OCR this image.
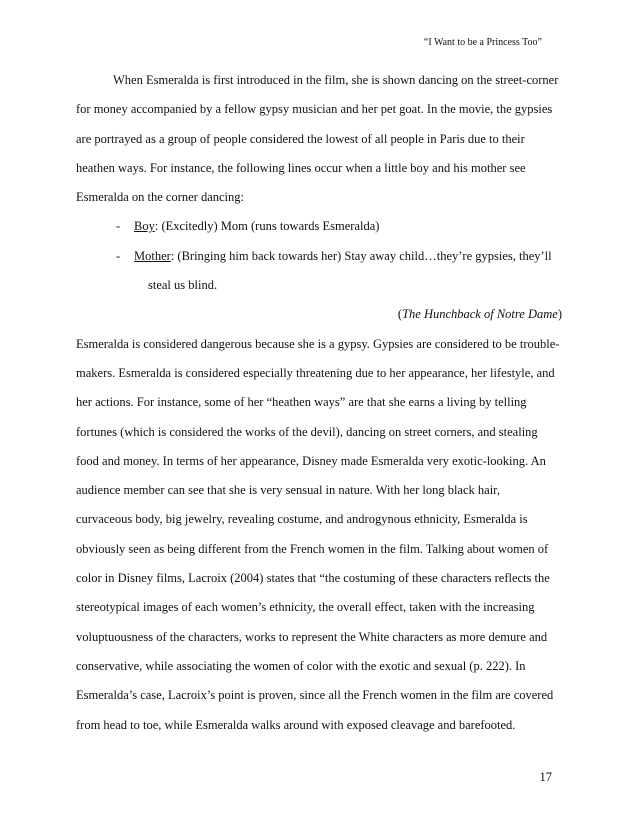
“I Want to be a Princess Too”
When Esmeralda is first introduced in the film, she is shown dancing on the street-corner
for money accompanied by a fellow gypsy musician and her pet goat. In the movie, the gypsies
are portrayed as a group of people considered the lowest of all people in Paris due to their
heathen ways. For instance, the following lines occur when a little boy and his mother see
Esmeralda on the corner dancing:
-	Boy: (Excitedly) Mom (runs towards Esmeralda)
-	Mother: (Bringing him back towards her) Stay away child…they’re gypsies, they’ll
steal us blind.
(The Hunchback of Notre Dame)
Esmeralda is considered dangerous because she is a gypsy. Gypsies are considered to be trouble-
makers. Esmeralda is considered especially threatening due to her appearance, her lifestyle, and
her actions. For instance, some of her “heathen ways” are that she earns a living by telling
fortunes (which is considered the works of the devil), dancing on street corners, and stealing
food and money. In terms of her appearance, Disney made Esmeralda very exotic-looking. An
audience member can see that she is very sensual in nature. With her long black hair,
curvaceous body, big jewelry, revealing costume, and androgynous ethnicity, Esmeralda is
obviously seen as being different from the French women in the film. Talking about women of
color in Disney films, Lacroix (2004) states that “the costuming of these characters reflects the
stereotypical images of each women’s ethnicity, the overall effect, taken with the increasing
voluptuousness of the characters, works to represent the White characters as more demure and
conservative, while associating the women of color with the exotic and sexual (p. 222). In
Esmeralda’s case, Lacroix’s point is proven, since all the French women in the film are covered
from head to toe, while Esmeralda walks around with exposed cleavage and barefooted.
17
